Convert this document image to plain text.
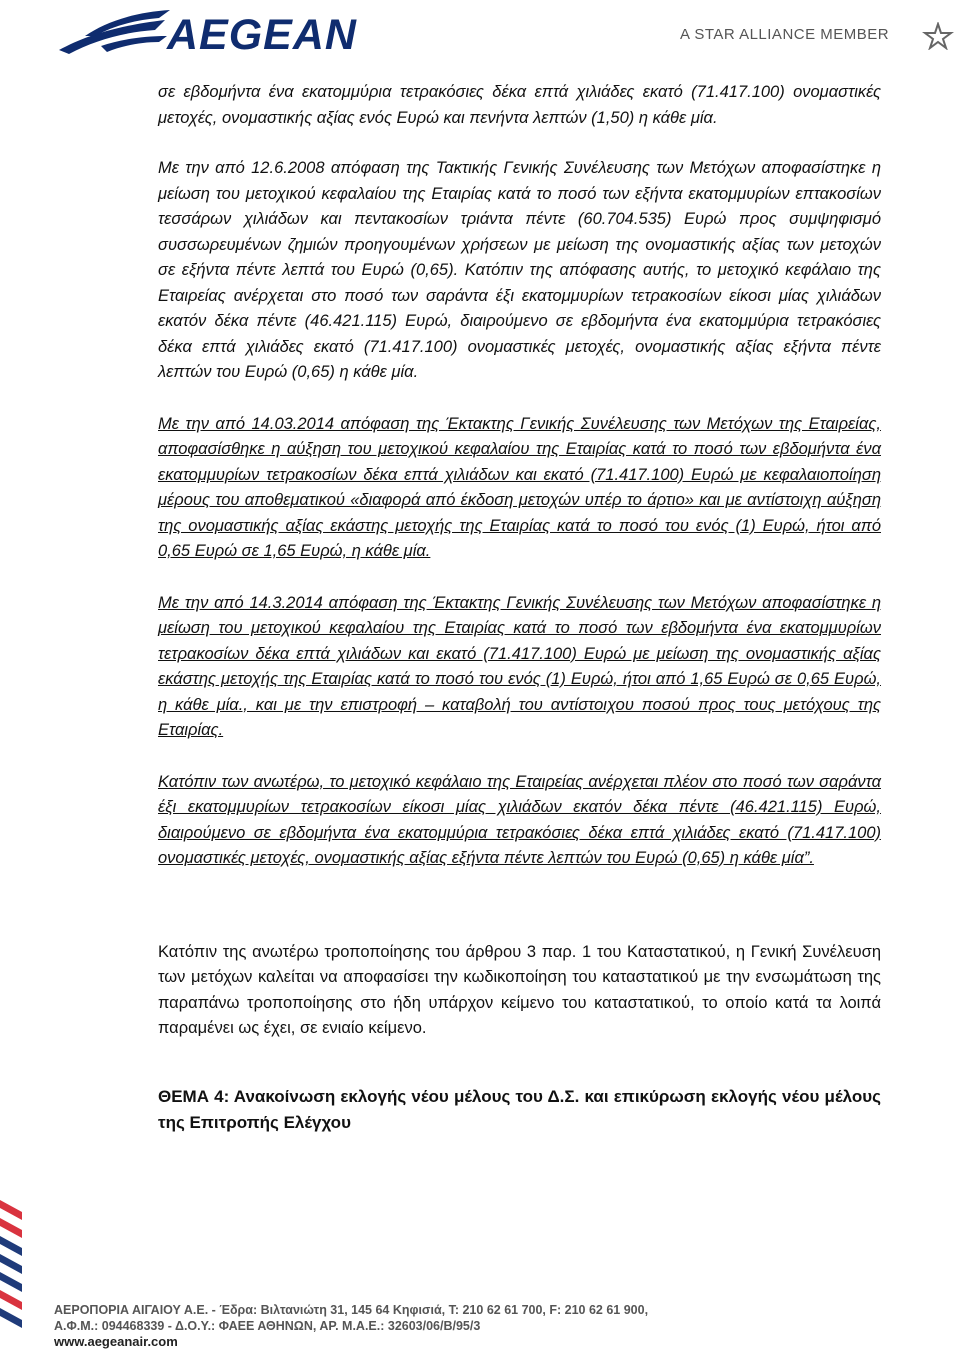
AEGEAN	A STAR ALLIANCE MEMBER

σε εβδομήντα ένα εκατομμύρια τετρακόσιες δέκα επτά χιλιάδες εκατό (71.417.100) ονομαστικές μετοχές, ονομαστικής αξίας ενός Ευρώ και πενήντα λεπτών (1,50) η κάθε μία.

Με την από 12.6.2008 απόφαση της Τακτικής Γενικής Συνέλευσης των Μετόχων αποφασίστηκε η μείωση του μετοχικού κεφαλαίου της Εταιρίας κατά το ποσό των εξήντα εκατομμυρίων επτακοσίων τεσσάρων χιλιάδων και πεντακοσίων τριάντα πέντε (60.704.535) Ευρώ προς συμψηφισμό συσσωρευμένων ζημιών προηγουμένων χρήσεων με μείωση της ονομαστικής αξίας των μετοχών σε εξήντα πέντε λεπτά του Ευρώ (0,65). Κατόπιν της απόφασης αυτής, το μετοχικό κεφάλαιο της Εταιρείας ανέρχεται στο ποσό των σαράντα έξι εκατομμυρίων τετρακοσίων είκοσι μίας χιλιάδων εκατόν δέκα πέντε (46.421.115) Ευρώ, διαιρούμενο σε εβδομήντα ένα εκατομμύρια τετρακόσιες δέκα επτά χιλιάδες εκατό (71.417.100) ονομαστικές μετοχές, ονομαστικής αξίας εξήντα πέντε λεπτών του Ευρώ (0,65) η κάθε μία.

Με την από 14.03.2014 απόφαση της Έκτακτης Γενικής Συνέλευσης των Μετόχων της Εταιρείας, αποφασίσθηκε η αύξηση του μετοχικού κεφαλαίου της Εταιρίας κατά το ποσό των εβδομήντα ένα εκατομμυρίων τετρακοσίων δέκα επτά χιλιάδων και εκατό (71.417.100) Ευρώ με κεφαλαιοποίηση μέρους του αποθεματικού «διαφορά από έκδοση μετοχών υπέρ το άρτιο» και με αντίστοιχη αύξηση της ονομαστικής αξίας εκάστης μετοχής της Εταιρίας κατά το ποσό του ενός (1) Ευρώ, ήτοι από 0,65 Ευρώ σε 1,65 Ευρώ, η κάθε μία.

Με την από 14.3.2014 απόφαση της Έκτακτης Γενικής Συνέλευσης των Μετόχων αποφασίστηκε η μείωση του μετοχικού κεφαλαίου της Εταιρίας κατά το ποσό των εβδομήντα ένα εκατομμυρίων τετρακοσίων δέκα επτά χιλιάδων και εκατό (71.417.100) Ευρώ με μείωση της ονομαστικής αξίας εκάστης μετοχής της Εταιρίας κατά το ποσό του ενός (1) Ευρώ, ήτοι από 1,65 Ευρώ σε 0,65 Ευρώ, η κάθε μία., και με την επιστροφή – καταβολή του αντίστοιχου ποσού προς τους μετόχους της Εταιρίας.

Κατόπιν των ανωτέρω, το μετοχικό κεφάλαιο της Εταιρείας ανέρχεται πλέον στο ποσό των σαράντα έξι εκατομμυρίων τετρακοσίων είκοσι μίας χιλιάδων εκατόν δέκα πέντε (46.421.115) Ευρώ, διαιρούμενο σε εβδομήντα ένα εκατομμύρια τετρακόσιες δέκα επτά χιλιάδες εκατό (71.417.100) ονομαστικές μετοχές, ονομαστικής αξίας εξήντα πέντε λεπτών του Ευρώ (0,65) η κάθε μία”.

Κατόπιν της ανωτέρω τροποποίησης του άρθρου 3 παρ. 1 του Καταστατικού, η Γενική Συνέλευση των μετόχων καλείται να αποφασίσει την κωδικοποίηση του καταστατικού με την ενσωμάτωση της παραπάνω τροποποίησης στο ήδη υπάρχον κείμενο του καταστατικού, το οποίο κατά τα λοιπά παραμένει ως έχει, σε ενιαίο κείμενο.

ΘΕΜΑ 4: Ανακοίνωση εκλογής νέου μέλους του Δ.Σ. και επικύρωση εκλογής νέου μέλους της Επιτροπής Ελέγχου

ΑΕΡΟΠΟΡΙΑ ΑΙΓΑΙΟΥ Α.Ε. - Έδρα: Βιλτανιώτη 31, 145 64 Κηφισιά, Τ: 210 62 61 700, F: 210 62 61 900,
Α.Φ.Μ.: 094468339 - Δ.Ο.Υ.: ΦΑΕΕ ΑΘΗΝΩΝ, ΑΡ. Μ.Α.Ε.: 32603/06/Β/95/3
www.aegeanair.com
